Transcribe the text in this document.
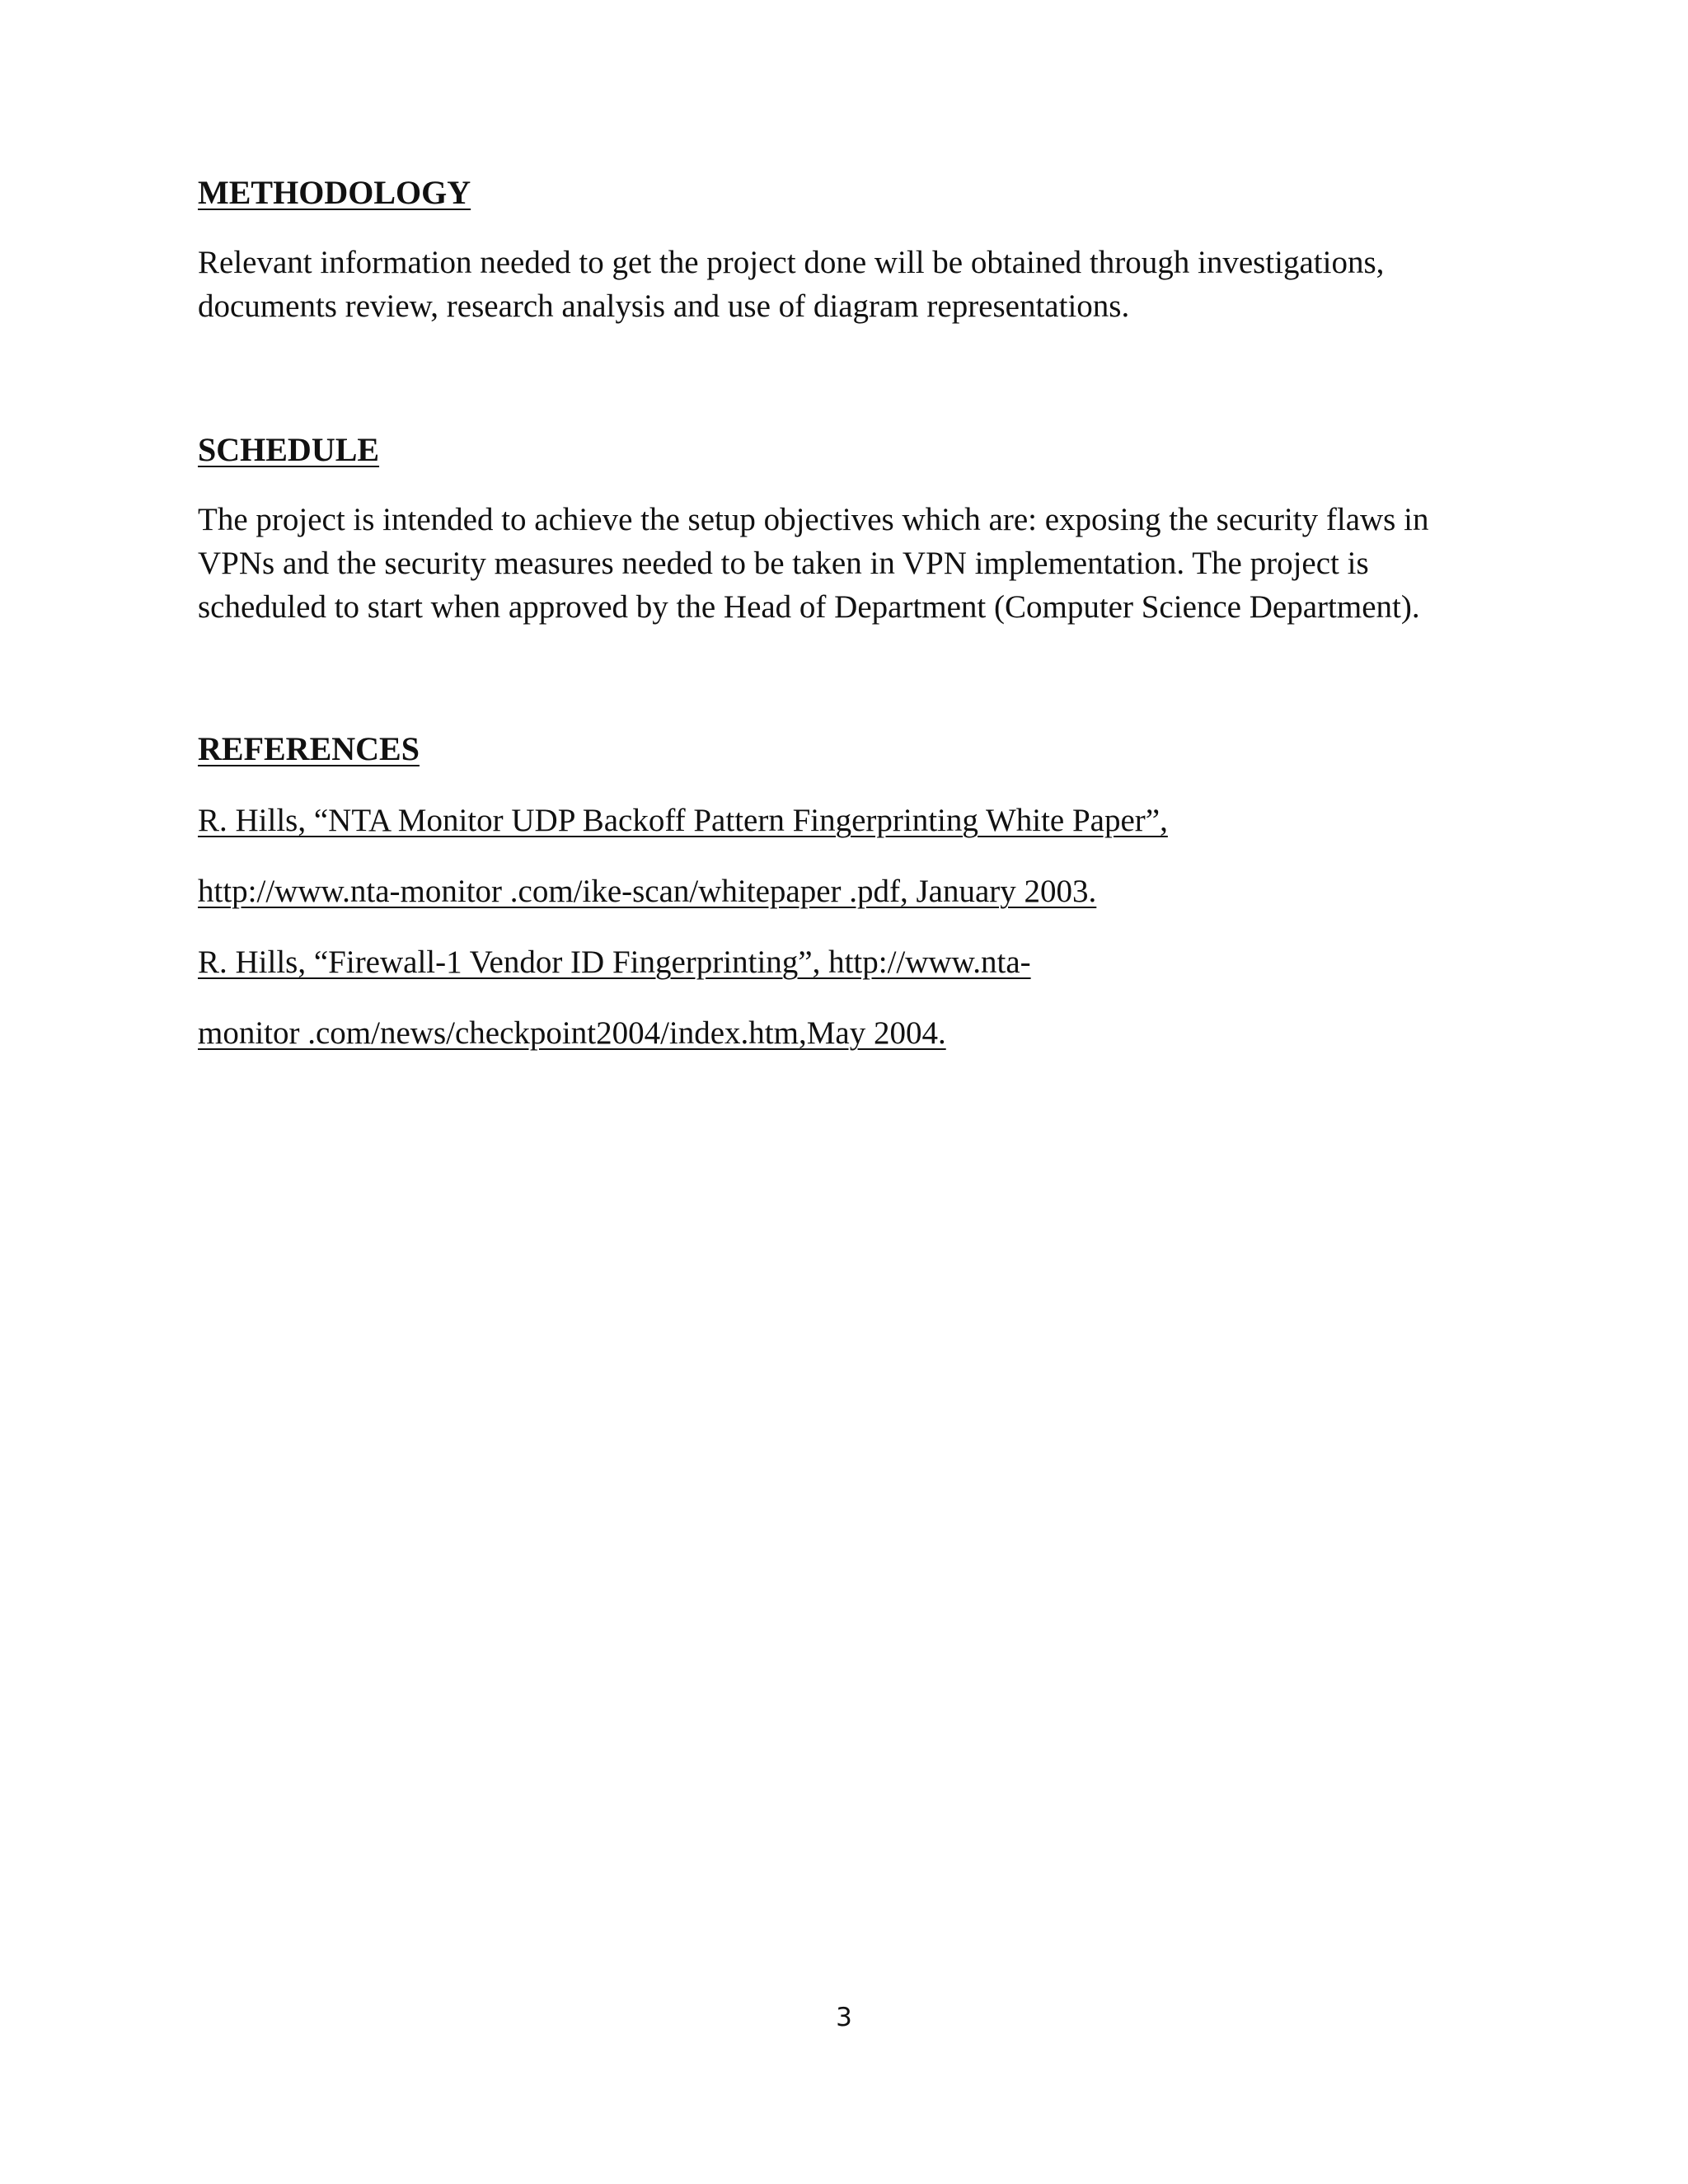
METHODOLOGY

Relevant information needed to get the project done will be obtained through investigations,
documents review, research analysis and use of diagram representations.

SCHEDULE

The project is intended to achieve the setup objectives which are: exposing the security flaws in
VPNs and the security measures needed to be taken in VPN implementation. The project is
scheduled to start when approved by the Head of Department (Computer Science Department).

REFERENCES

R. Hills, “NTA Monitor UDP Backoff Pattern Fingerprinting White Paper”,

http://www.nta-monitor .com/ike-scan/whitepaper .pdf, January 2003.

R. Hills, “Firewall-1 Vendor ID Fingerprinting”, http://www.nta-

monitor .com/news/checkpoint2004/index.htm,May 2004.

3
